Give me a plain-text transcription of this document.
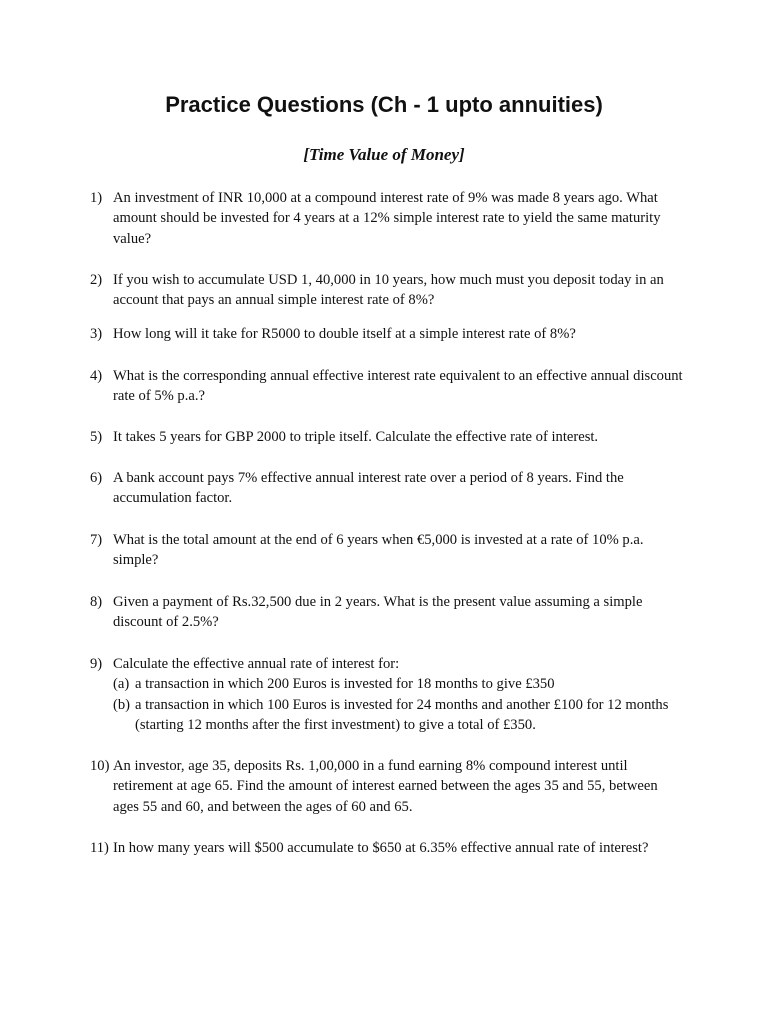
Practice Questions (Ch - 1 upto annuities)
[Time Value of Money]
1) An investment of INR 10,000 at a compound interest rate of 9% was made 8 years ago. What amount should be invested for 4 years at a 12% simple interest rate to yield the same maturity value?
2) If you wish to accumulate USD 1, 40,000 in 10 years, how much must you deposit today in an account that pays an annual simple interest rate of 8%?
3) How long will it take for R5000 to double itself at a simple interest rate of 8%?
4) What is the corresponding annual effective interest rate equivalent to an effective annual discount rate of 5% p.a.?
5) It takes 5 years for GBP 2000 to triple itself. Calculate the effective rate of interest.
6) A bank account pays 7% effective annual interest rate over a period of 8 years. Find the accumulation factor.
7) What is the total amount at the end of 6 years when €5,000 is invested at a rate of 10% p.a. simple?
8) Given a payment of Rs.32,500 due in 2 years. What is the present value assuming a simple discount of 2.5%?
9) Calculate the effective annual rate of interest for:
(a) a transaction in which 200 Euros is invested for 18 months to give £350
(b) a transaction in which 100 Euros is invested for 24 months and another £100 for 12 months (starting 12 months after the first investment) to give a total of £350.
10) An investor, age 35, deposits Rs. 1,00,000 in a fund earning 8% compound interest until retirement at age 65. Find the amount of interest earned between the ages 35 and 55, between ages 55 and 60, and between the ages of 60 and 65.
11) In how many years will $500 accumulate to $650 at 6.35% effective annual rate of interest?
